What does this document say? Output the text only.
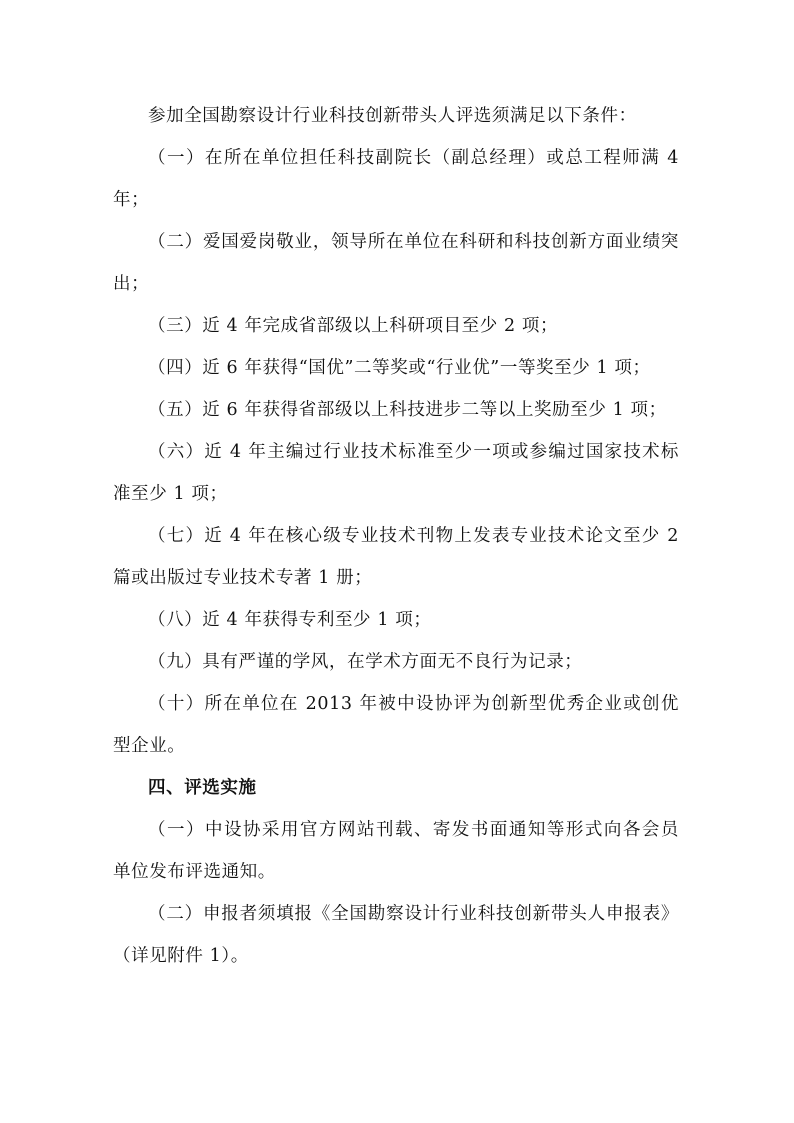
参加全国勘察设计行业科技创新带头人评选须满足以下条件：
（一）在所在单位担任科技副院长（副总经理）或总工程师满 4
年；
（二）爱国爱岗敬业，领导所在单位在科研和科技创新方面业绩突
出；
（三）近 4 年完成省部级以上科研项目至少 2 项；
（四）近 6 年获得“国优”二等奖或“行业优”一等奖至少 1 项；
（五）近 6 年获得省部级以上科技进步二等以上奖励至少 1 项；
（六）近 4 年主编过行业技术标准至少一项或参编过国家技术标
准至少 1 项；
（七）近 4 年在核心级专业技术刊物上发表专业技术论文至少 2
篇或出版过专业技术专著 1 册；
（八）近 4 年获得专利至少 1 项；
（九）具有严谨的学风，在学术方面无不良行为记录；
（十）所在单位在 2013 年被中设协评为创新型优秀企业或创优
型企业。
四、评选实施
（一）中设协采用官方网站刊载、寄发书面通知等形式向各会员
单位发布评选通知。
（二）申报者须填报《全国勘察设计行业科技创新带头人申报表》
（详见附件 1）。
